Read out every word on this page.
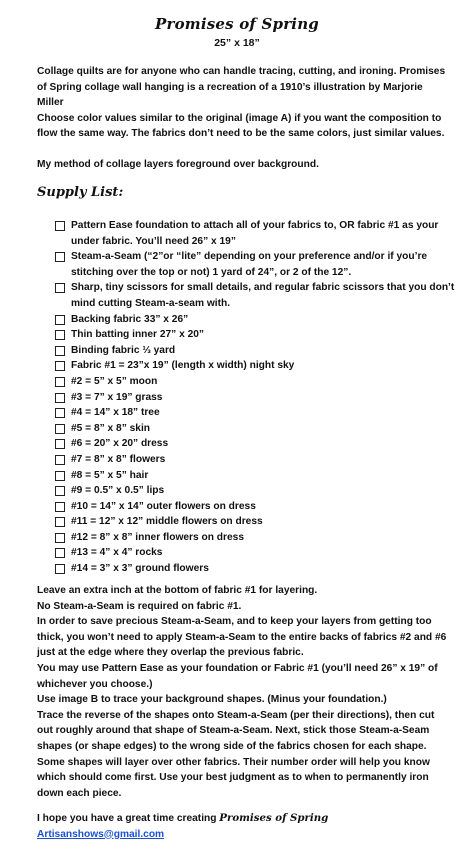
Promises of Spring
25” x 18”

Collage quilts are for anyone who can handle tracing, cutting, and ironing. Promises of Spring collage wall hanging is a recreation of a 1910’s illustration by Marjorie Miller

Choose color values similar to the original (image A) if you want the composition to flow the same way. The fabrics don’t need to be the same colors, just similar values.

My method of collage layers foreground over background.
Supply List:
Pattern Ease foundation to attach all of your fabrics to, OR fabric #1 as your under fabric. You’ll need 26” x 19”
Steam-a-Seam (“2”or “lite” depending on your preference and/or if you’re stitching over the top or not) 1 yard of 24”, or 2 of the 12”.
Sharp, tiny scissors for small details, and regular fabric scissors that you don’t mind cutting Steam-a-seam with.
Backing fabric 33” x 26”
Thin batting inner 27” x 20”
Binding fabric ⅓ yard
Fabric #1 = 23”x 19” (length x width) night sky
#2 = 5” x 5” moon
#3 = 7” x 19” grass
#4 = 14” x 18” tree
#5 = 8” x 8” skin
#6 = 20” x 20” dress
#7 = 8” x 8” flowers
#8 = 5” x 5” hair
#9 = 0.5” x 0.5” lips
#10 = 14” x 14” outer flowers on dress
#11 = 12” x 12” middle flowers on dress
#12 = 8” x 8” inner flowers on dress
#13 = 4” x 4” rocks
#14 = 3” x 3” ground flowers

Leave an extra inch at the bottom of fabric #1 for layering.

No Steam-a-Seam is required on fabric #1.

In order to save precious Steam-a-Seam, and to keep your layers from getting too thick, you won’t need to apply Steam-a-Seam to the entire backs of fabrics #2 and #6 just at the edge where they overlap the previous fabric.

You may use Pattern Ease as your foundation or Fabric #1 (you’ll need 26” x 19” of whichever you choose.)

Use image B to trace your background shapes. (Minus your foundation.)

Trace the reverse of the shapes onto Steam-a-Seam (per their directions), then cut out roughly around that shape of Steam-a-Seam. Next, stick those Steam-a-Seam shapes (or shape edges) to the wrong side of the fabrics chosen for each shape.

Some shapes will layer over other fabrics. Their number order will help you know which should come first. Use your best judgment as to when to permanently iron down each piece.

I hope you have a great time creating Promises of Spring

Artisanshows@gmail.com
